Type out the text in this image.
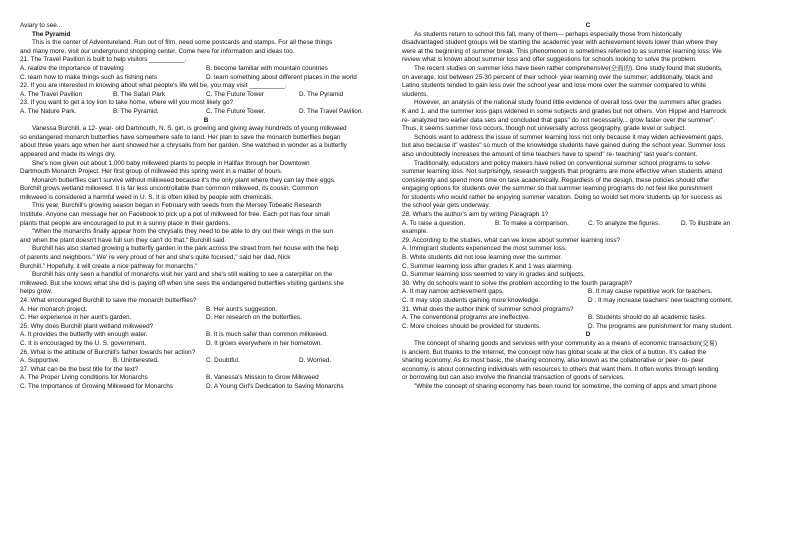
Aviary to see...
The Pyramid
This is the center of Adventureland. Run out of film, need some postcards and stamps. For all these things
and many more, visit our underground shopping center. Come here for information and ideas too.
21. The Travel Pavilion is built to help visitors __________.
A. realize the importance of traveling	B. become familiar with mountain countries
C. learn how to make things such as fishing nets	D. learn something about different places in the world
22. If you are interested in knowing about what people's life will be, you may visit __________.
A. The Travel Pavilion	B. The Safari Park	C. The Future Tower	D. The Pyramid
23. If you want to get a toy lion to take home, where will you most likely go?
A. The Nature Park.	B. The Pyramid.	C. The Future Tower.	D. The Travel Pavilion.
B
Vanessa Burchill, a 12- year- old Dartmouth, N. S. girl, is growing and giving away hundreds of young milkweed
so endangered monarch butterflies have somewhere safe to land. Her plan to save the monarch butterflies began
about three years ago when her aunt showed her a chrysalis from her garden. She watched in wonder as a butterfly
appeared and made its wings dry.
She's now given out about 1,000 baby milkweed plants to people in Halifax through her Downtown
Dartmouth Monarch Project. Her first group of milkweed this spring went in a matter of hours.
Monarch butterflies can't survive without milkweed because it's the only plant where they can lay their eggs.
Burchill grows wetland milkweed. It is far less uncontrollable than common milkweed, its cousin. Common
milkweed is considered a harmful weed in U. S. It is often killed by people with chemicals.
This year, Burchill's growing season began in February with seeds from the Mersey Tobeatic Research
Institute. Anyone can message her on Facebook to pick up a pot of milkweed for free. Each pot has four small
plants that people are encouraged to put in a sunny place in their gardens.
"When the monarchs finally appear from the chrysalis they need to be able to dry out their wings in the sun
and when the plant doesn't have full sun they can't do that." Burchill said.
Burchill has also started growing a butterfly garden in the park across the street from her house with the help
of parents and neighbors." We' re very proud of her and she's quite focused," said her dad, Nick
Burchill." Hopefully, it will create a nice pathway for monarchs."
Burchill has only seen a handful of monarchs visit her yard and she's still waiting to see a caterpillar on the
milkweed. But she knows what she did is paying off when she sees the endangered butterflies visiting gardens she
helps grow.
24. What encouraged Burchill to save the monarch butterflies?
A. Her monarch project.	B. Her aunt's suggestion.
C. Her experience in her aunt's garden.	D. Her research on the butterflies.
25. Why does Burchill plant wetland milkweed?
A. It provides the butterfly with enough water.	B. It is much safer than common milkweed.
C. It is encouraged by the U. S. government.	D. It grows everywhere in her hometown.
26. What is the attitude of Burchill's father towards her action?
A. Supportive.	B. Uninterested.	C. Doubtful.	D. Worried.
27. What can be the best title for the text?
A. The Proper Living conditions for Monarchs	B. Vanessa's Mission to Grow Milkweed
C. The Importance of Growing Milkweed for Monarchs	D. A Young Girl's Dedication to Saving Monarchs
C
As students return to school this fall, many of them— perhaps especially those from historically
disadvantaged student groups will be starting the academic year with achievement levels lower than where they
were at the beginning of summer break. This phenomenon is sometimes referred to as summer learning loss. We
review what is known about summer loss and offer suggestions for schools looking to solve the problem.
The recent studies on summer loss have been rather comprehensive(全面的). One study found that students,
on average, lost between 25-30 percent of their school- year learning over the summer; additionally, black and
Latino students tended to gain less over the school year and lose more over the summer compared to white
students.
However, an analysis of the national study found little evidence of overall loss over the summers after grades
K and 1, and the summer loss gaps widened in some subjects and grades but not others. Von Hippel and Hamrock
re- analyzed two earlier data sets and concluded that gaps" do not necessarily... grow faster over the summer".
Thus, it seems summer loss occurs, though not universally across geography, grade level or subject.
Schools want to address the issue of summer learning loss not only because it may widen achievement gaps,
but also because it" wastes" so much of the knowledge students have gained during the school year. Summer loss
also undoubtedly increases the amount of time teachers have to spend" re- teaching" last year's content.
Traditionally, educators and policy makers have relied on conventional summer school programs to solve
summer learning loss. Not surprisingly, research suggests that programs are more effective when students attend
consistently and spend more time on task academically. Regardless of the design, these policies should offer
engaging options for students over the summer so that summer learning programs do not feel like punishment
for students who would rather be enjoying summer vacation. Doing so would set more students up for success as
the school year gets underway.
28. What's the author's aim by writing Paragraph 1?
A. To raise a question.	B. To make a comparison.	C. To analyze the figures.	D. To illustrate an
example.
29. According to the studies, what can we know about summer learning loss?
A. Immigrant students experienced the most summer loss.
B. White students did not lose learning over the summer.
C. Summer learning loss after grades K and 1 was alarming.
D. Summer learning loss seemed to vary in grades and subjects.
30. Why do schools want to solve the problem according to the fourth paragraph?
A. It may narrow achievement gaps.	B. It may cause repetitive work for teachers.
C. It may stop students gaining more knowledge.	D . It may increase teachers' new teaching content.
31. What does the author think of summer school programs?
A. The conventional programs are ineffective.	B. Students should do all academic tasks.
C. More choices should be provided for students.	D. The programs are punishment for many student.
D
The concept of sharing goods and services with your community as a means of economic transaction(交易)
is ancient. But thanks to the Internet, the concept now has global scale at the click of a button. It's called the
sharing economy. As its most basic, the sharing economy, also known as the collaborative or peer- to- peer
economy, is about connecting individuals with resources to others that want them. It often works through lending
or borrowing but can also involve the financial transaction of goods of services.
"While the concept of sharing economy has been round for sometime, the coming of apps and smart phone
